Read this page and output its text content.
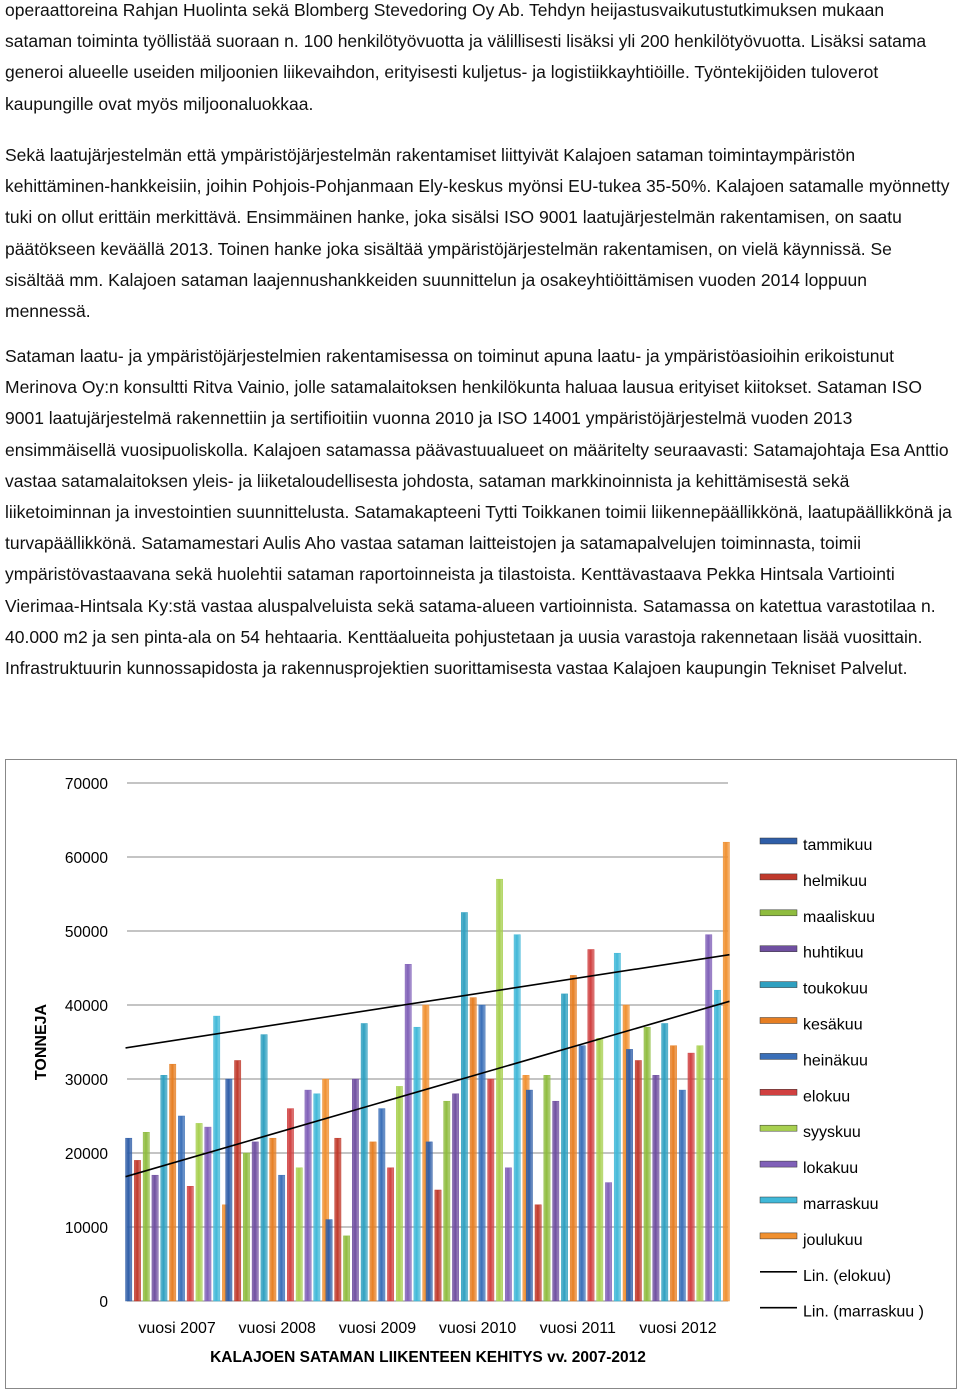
operaattoreina Rahjan Huolinta sekä Blomberg Stevedoring Oy Ab. Tehdyn heijastusvaikutustutkimuksen mukaan sataman toiminta työllistää suoraan n. 100 henkilötyövuotta ja välillisesti lisäksi yli 200 henkilötyövuotta. Lisäksi satama generoi alueelle useiden miljoonien liikevaihdon, erityisesti kuljetus- ja logistiikkayhtiöille. Työntekijöiden tuloverot kaupungille ovat myös miljoonaluokkaa.

Sekä laatujärjestelmän että ympäristöjärjestelmän rakentamiset liittyivät Kalajoen sataman toimintaympäristön kehittäminen-hankkeisiin, joihin Pohjois-Pohjanmaan Ely-keskus myönsi EU-tukea 35-50%. Kalajoen satamalle myönnetty tuki on ollut erittäin merkittävä. Ensimmäinen hanke, joka sisälsi ISO 9001 laatujärjestelmän rakentamisen, on saatu päätökseen keväällä 2013. Toinen hanke joka sisältää ympäristöjärjestelmän rakentamisen, on vielä käynnissä. Se sisältää mm. Kalajoen sataman laajennushankkeiden suunnittelun ja osakeyhtiöittämisen vuoden 2014 loppuun mennessä.

Sataman laatu- ja ympäristöjärjestelmien rakentamisessa on toiminut apuna laatu- ja ympäristöasioihin erikoistunut Merinova Oy:n konsultti Ritva Vainio, jolle satamalaitoksen henkilökunta haluaa lausua erityiset kiitokset. Sataman ISO 9001 laatujärjestelmä rakennettiin ja sertifioitiin vuonna 2010 ja ISO 14001 ympäristöjärjestelmä vuoden 2013 ensimmäisellä vuosipuoliskolla. Kalajoen satamassa päävastuualueet on määritelty seuraavasti: Satamajohtaja Esa Anttio vastaa satamalaitoksen yleis- ja liiketaloudellisesta johdosta, sataman markkinoinnista ja kehittämisestä sekä liiketoiminnan ja investointien suunnittelusta. Satamakapteeni Tytti Toikkanen toimii liikennepäällikkönä, laatupäällikkönä ja turvapäällikkönä. Satamamestari Aulis Aho vastaa sataman laitteistojen ja satamapalvelujen toiminnasta, toimii ympäristövastaavana sekä huolehtii sataman raportoinneista ja tilastoista. Kenttävastaava Pekka Hintsala Vartiointi Vierimaa-Hintsala Ky:stä vastaa aluspalveluista sekä satama-alueen vartioinnista. Satamassa on katettua varastotilaa n. 40.000 m2 ja sen pinta-ala on 54 hehtaaria. Kenttäalueita pohjustetaan ja uusia varastoja rakennetaan lisää vuosittain. Infrastruktuurin kunnossapidosta ja rakennusprojektien suorittamisesta vastaa Kalajoen kaupungin Tekniset Palvelut.

0
10000
20000
30000
40000
50000
60000
70000
vuosi 2007 vuosi 2008 vuosi 2009 vuosi 2010 vuosi 2011 vuosi 2012
tammikuu
helmikuu
maaliskuu
huhtikuu
toukokuu
kesäkuu
heinäkuu
elokuu
syyskuu
lokakuu
marraskuu
joulukuu
Lin. (elokuu)
Lin. (marraskuu )
TONNEJA
KALAJOEN SATAMAN LIIKENTEEN KEHITYS vv. 2007-2012
